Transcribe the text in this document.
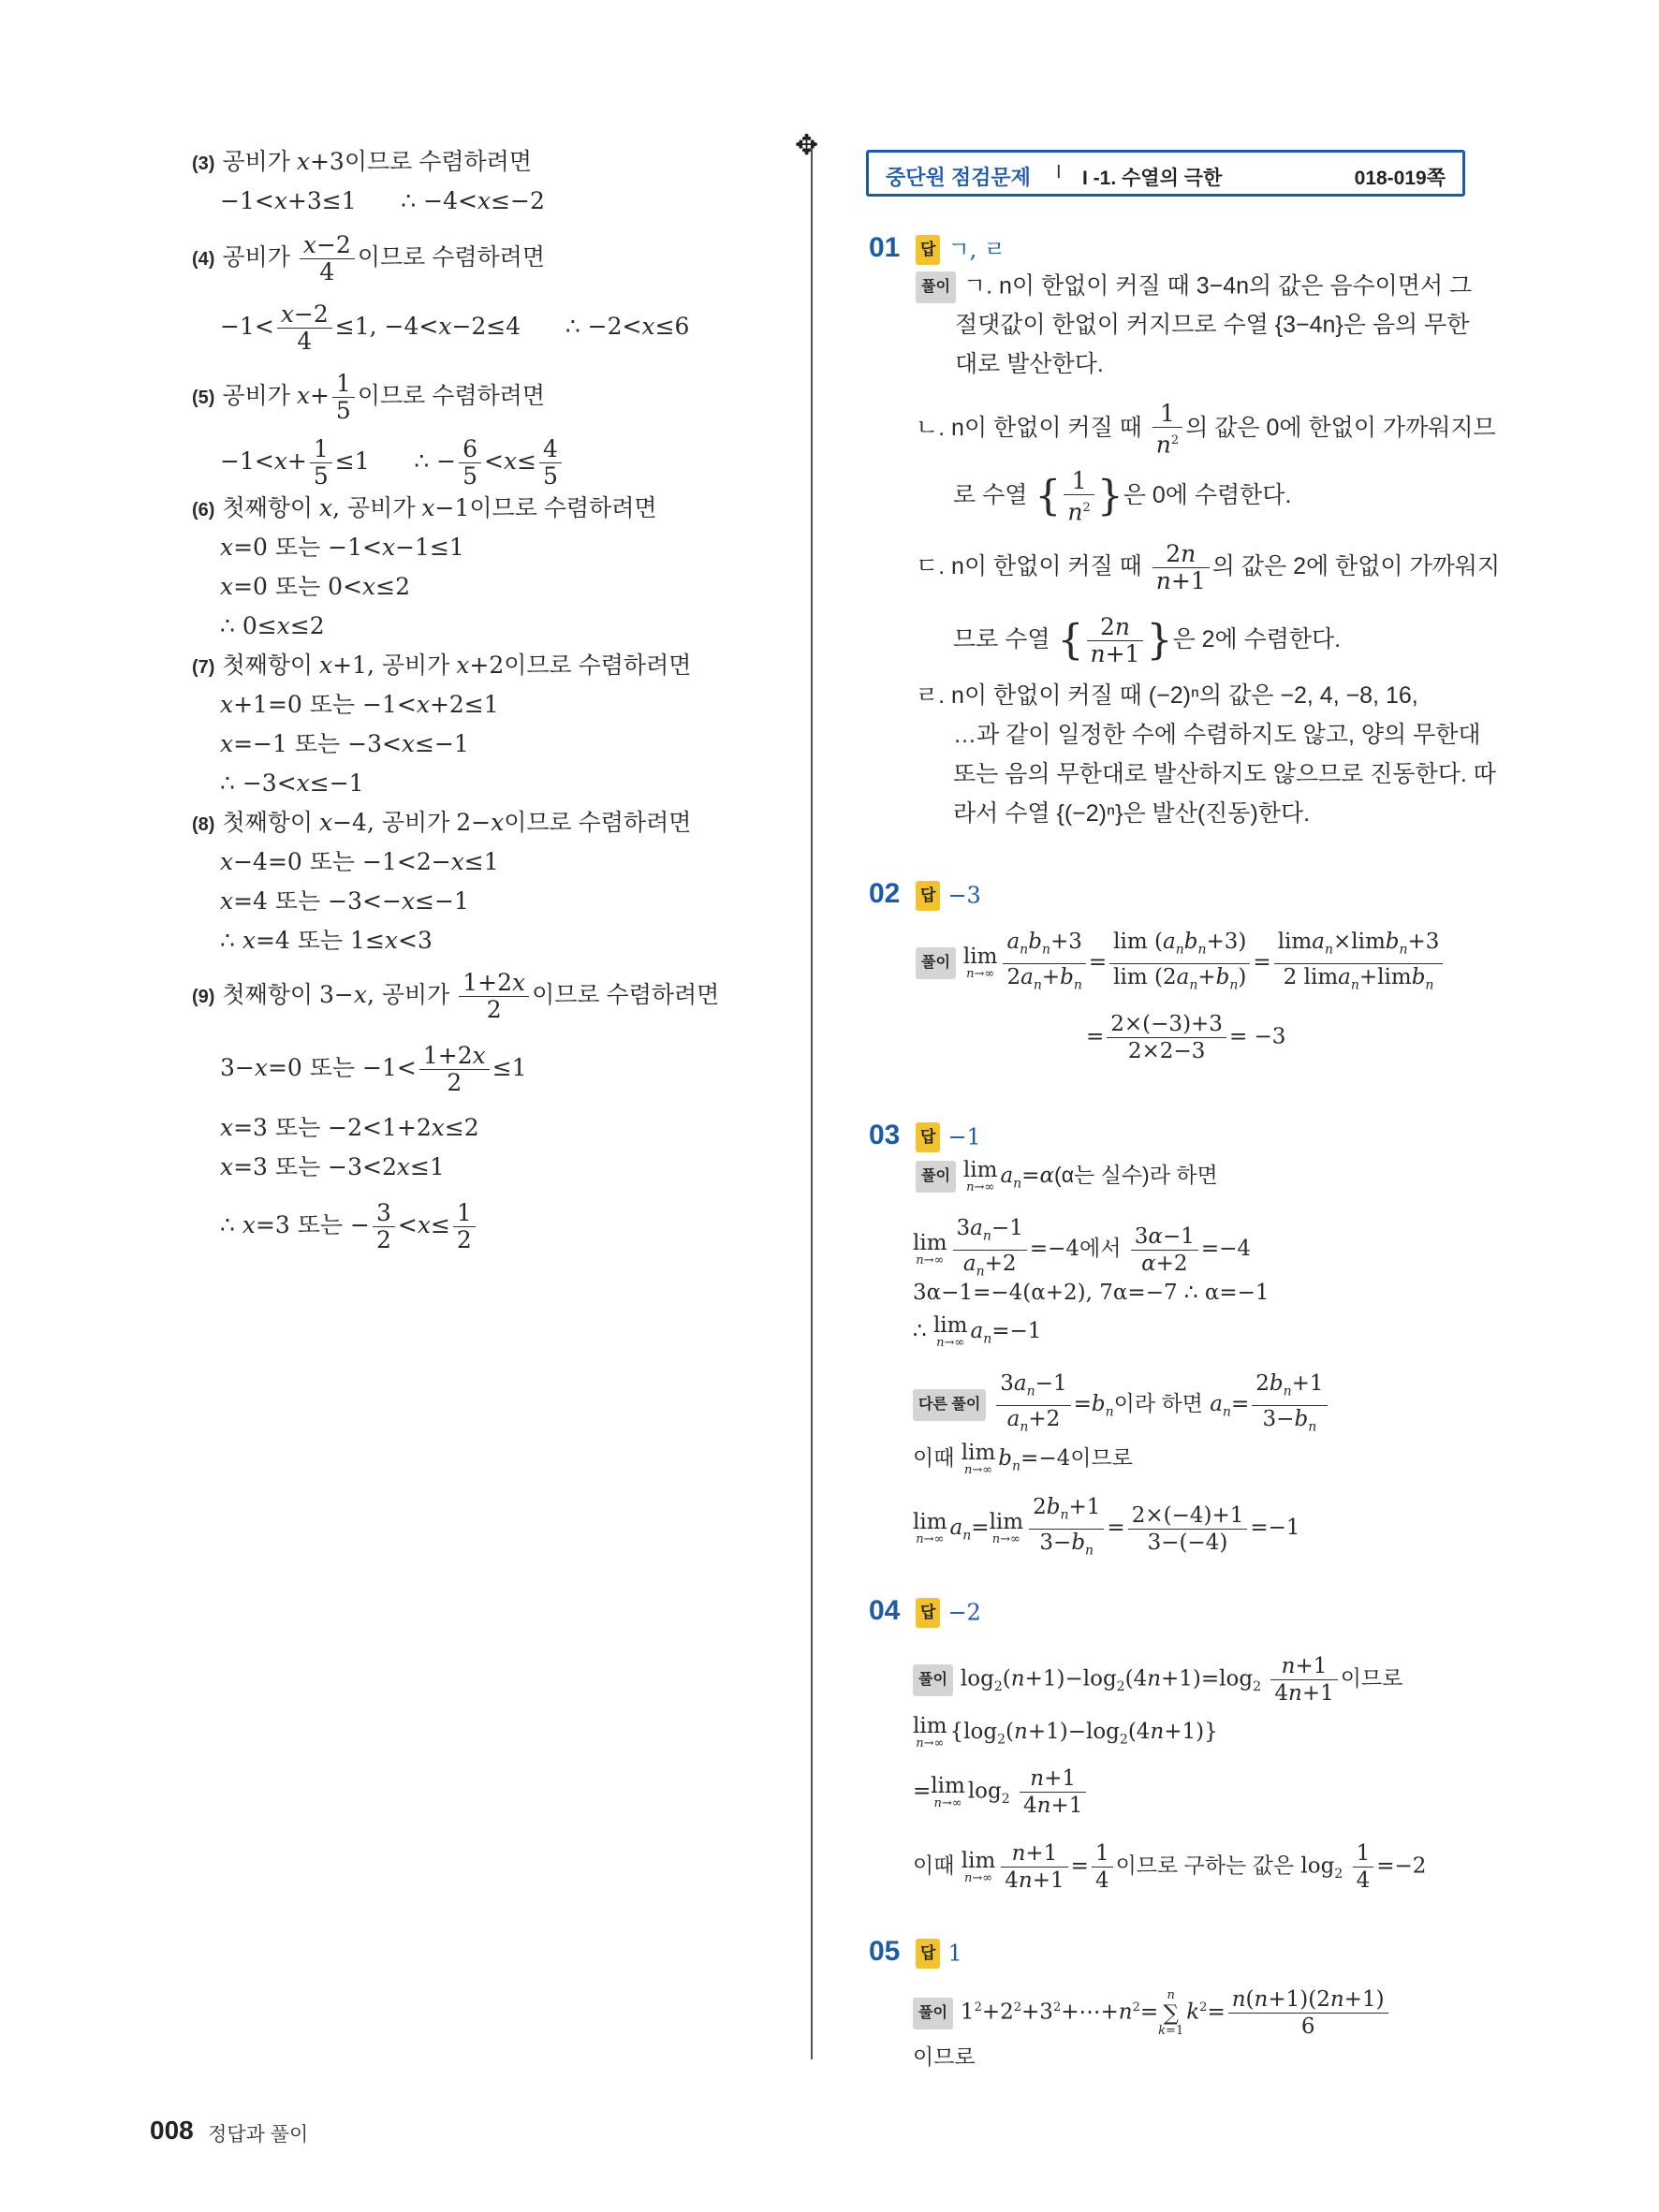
✥
(3) 공비가 x+3이므로 수렴하려면
−1<x+3≤1      ∴ −4<x≤−2
(4) 공비가 $\frac{x-2}{4}$ 이므로 수렴하려면
$-1< \frac{x-2}{4} \le 1$, −4<x−2≤4      ∴ −2<x≤6
(5) 공비가 $x+ \frac{1}{5}$ 이므로 수렴하려면
$-1<x+ \frac{1}{5} \le 1$      ∴ − $\frac{6}{5} <x\le \frac{4}{5}$
(6) 첫째항이 x, 공비가 x−1이므로 수렴하려면
x=0 또는 −1<x−1≤1
x=0 또는 0<x≤2
∴ 0≤x≤2
(7) 첫째항이 x+1, 공비가 x+2이므로 수렴하려면
x+1=0 또는 −1<x+2≤1
x=−1 또는 −3<x≤−1
∴ −3<x≤−1
(8) 첫째항이 x−4, 공비가 2−x이므로 수렴하려면
x−4=0 또는 −1<2−x≤1
x=4 또는 −3<−x≤−1
∴ x=4 또는 1≤x<3
(9) 첫째항이 3−x, 공비가 $\frac{1+2x}{2}$ 이므로 수렴하려면
3−x=0 또는 $-1< \frac{1+2x}{2} \le 1$
x=3 또는 −2<1+2x≤2
x=3 또는 −3<2x≤1
∴ x=3 또는 − $\frac{3}{2} <x\le \frac{1}{2}$
중단원 점검문제 I I -1. 수열의 극한	018-019쪽
01 답 ㄱ, ㄹ
풀이 ㄱ. n이 한없이 커질 때 3−4n의 값은 음수이면서 그
절댓값이 한없이 커지므로 수열 {3−4n}은 음의 무한
대로 발산한다.
ㄴ. n이 한없이 커질 때 $\frac{1}{n^2}$ 의 값은 0에 한없이 가까워지므
로 수열 { $\frac{1}{n^2}$ }은 0에 수렴한다.
ㄷ. n이 한없이 커질 때 $\frac{2n}{n+1}$ 의 값은 2에 한없이 가까워지
므로 수열 { $\frac{2n}{n+1}$ }은 2에 수렴한다.
ㄹ. n이 한없이 커질 때 (−2)ⁿ의 값은 −2, 4, −8, 16,
…과 같이 일정한 수에 수렴하지도 않고, 양의 무한대
또는 음의 무한대로 발산하지도 않으므로 진동한다. 따
라서 수열 {(−2)ⁿ}은 발산(진동)한다.
02 답 −3
풀이 lim
$n\to\infty \frac{a_nb_n+3}{2a_n+b_n} = \frac{\lim (a_nb_n+3)}{\lim (2a_n+b_n)} = \frac{\lim a_n\times\lim b_n+3}{2 \lim a_n+\lim b_n}$
= $\frac{2\times(-3)+3}{2\times 2-3} = -3$
03 답 −1
풀이 lim
n→∞ $a_n=\alpha(\alpha$는 실수)라 하면
lim
$n\to\infty \frac{3a_n-1}{a_n+2} =-4$에서 $\frac{3\alpha-1}{\alpha+2} =-4$
3α−1=−4(α+2), 7α=−7 ∴ α=−1
∴ lim
n→∞ $a_n=-1$
다른 풀이 $\frac{3a_n-1}{a_n+2} =b_n$이라 하면 $a_n= \frac{2b_n+1}{3-b_n}$
이때 lim
n→∞ $b_n=-4$이므로
lim
n→∞ $a_n= \lim$
$n\to\infty \frac{2b_n+1}{3-b_n} = \frac{2\times(-4)+1}{3-(-4)} =-1$
04 답 −2
풀이 $\log_2(n+1)-\log_2(4n+1)=\log_2 \frac{n+1}{4n+1}$ 이므로
lim
n→∞ $\{\log_2(n+1)-\log_2(4n+1)\}$
= lim
n→∞ $\log_2 \frac{n+1}{4n+1}$
이때 lim
$n\to\infty \frac{n+1}{4n+1} = \frac{1}{4}$ 이므로 구하는 값은 $\log_2 \frac{1}{4} =-2$
05 답 1
풀이 $1^2+2^2+3^2+\cdots+n^2=$
n
∑
k=1
$k^2= \frac{n(n+1)(2n+1)}{6}$
이므로
008 정답과 풀이
